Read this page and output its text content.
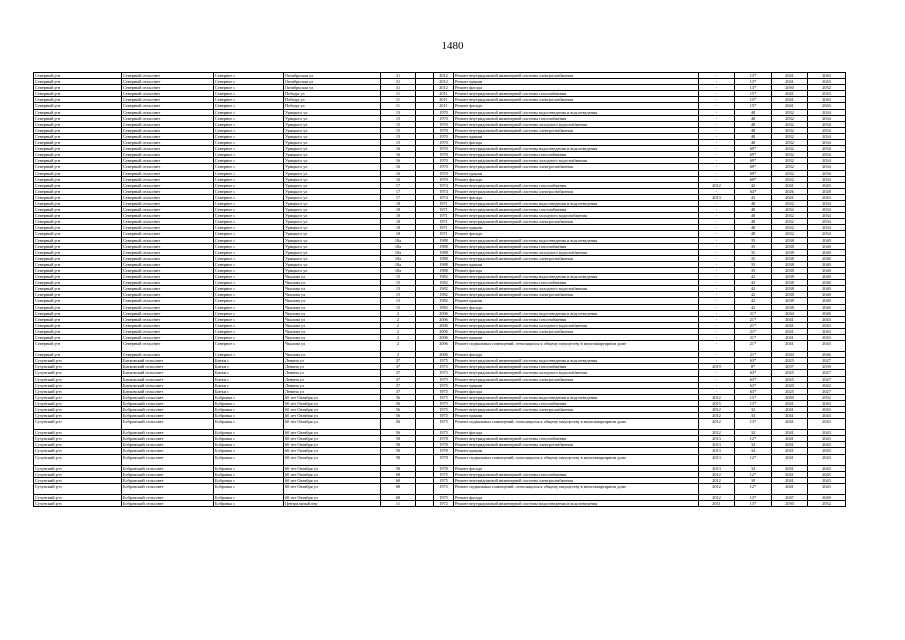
1480
Северный р-н	Северный сельсовет	Северное с	Октябрьская ул	31		2012	Ремонт внутридомовой инженерной системы электроснабжения	-	13*	2041	2043
Северный р-н	Северный сельсовет	Северное с	Октябрьская ул	31		2012	Ремонт крыши	-	13*	2041	2043
Северный р-н	Северный сельсовет	Северное с	Октябрьская ул	31		2012	Ремонт фасада	-	13*	2050	2052
Северный р-н	Северный сельсовет	Северное с	Победы ул	11		2011	Ремонт внутридомовой инженерной системы газоснабжения	-	15*	2041	2043
Северный р-н	Северный сельсовет	Северное с	Победы ул	11		2011	Ремонт внутридомовой инженерной системы электроснабжения	-	15*	2041	2043
Северный р-н	Северный сельсовет	Северное с	Победы ул	11		2011	Ремонт фасада	-	15*	2041	2043
Северный р-н	Северный сельсовет	Северное с	Урицкого ул	15		1970	Ремонт внутридомовой инженерной системы водоотведения и водоотведения	-	48	2032	2034
Северный р-н	Северный сельсовет	Северное с	Урицкого ул	15		1970	Ремонт внутридомовой инженерной системы газоснабжения	-	48	2032	2034
Северный р-н	Северный сельсовет	Северное с	Урицкого ул	15		1970	Ремонт внутридомовой инженерной системы холодного водоснабжения	-	48	2032	2034
Северный р-н	Северный сельсовет	Северное с	Урицкого ул	15		1970	Ремонт внутридомовой инженерной системы электроснабжения	-	48	2032	2034
Северный р-н	Северный сельсовет	Северное с	Урицкого ул	15		1970	Ремонт крыши	-	48	2032	2034
Северный р-н	Северный сельсовет	Северное с	Урицкого ул	15		1970	Ремонт фасада	-	48	2032	2034
Северный р-н	Северный сельсовет	Северное с	Урицкого ул	16		1970	Ремонт внутридомовой инженерной системы водоотведения и водоотведения	-	69*	2032	2034
Северный р-н	Северный сельсовет	Северное с	Урицкого ул	16		1970	Ремонт внутридомовой инженерной системы газоснабжения	-	69*	2032	2034
Северный р-н	Северный сельсовет	Северное с	Урицкого ул	16		1970	Ремонт внутридомовой инженерной системы холодного водоснабжения	-	69*	2032	2034
Северный р-н	Северный сельсовет	Северное с	Урицкого ул	16		1970	Ремонт внутридомовой инженерной системы электроснабжения	-	69*	2032	2034
Северный р-н	Северный сельсовет	Северное с	Урицкого ул	16		1970	Ремонт крыши	-	69*	2032	2034
Северный р-н	Северный сельсовет	Северное с	Урицкого ул	16		1970	Ремонт фасада	-	69*	2032	2034
Северный р-н	Северный сельсовет	Северное с	Урицкого ул	17		1974	Ремонт внутридомовой инженерной системы газоснабжения	2012	42	2041	2043
Северный р-н	Северный сельсовет	Северное с	Урицкого ул	17		1974	Ремонт внутридомовой инженерной системы электроснабжения	-	64*	2026	2028
Северный р-н	Северный сельсовет	Северное с	Урицкого ул	17		1974	Ремонт фасада	2013	43	2041	2043
Северный р-н	Северный сельсовет	Северное с	Урицкого ул	18		1971	Ремонт внутридомовой инженерной системы водоотведения и водоотведения	-	48	2032	2034
Северный р-н	Северный сельсовет	Северное с	Урицкого ул	18		1971	Ремонт внутридомовой инженерной системы газоснабжения	-	48	2032	2034
Северный р-н	Северный сельсовет	Северное с	Урицкого ул	18		1971	Ремонт внутридомовой инженерной системы холодного водоснабжения	-	48	2032	2034
Северный р-н	Северный сельсовет	Северное с	Урицкого ул	18		1971	Ремонт внутридомовой инженерной системы электроснабжения	-	48	2032	2034
Северный р-н	Северный сельсовет	Северное с	Урицкого ул	18		1971	Ремонт крыши	-	48	2032	2034
Северный р-н	Северный сельсовет	Северное с	Урицкого ул	18		1971	Ремонт фасада	-	48	2032	2034
Северный р-н	Северный сельсовет	Северное с	Урицкого ул	18а		1988	Ремонт внутридомовой инженерной системы водоотведения и водоотведения	-	35	2038	2040
Северный р-н	Северный сельсовет	Северное с	Урицкого ул	18а		1988	Ремонт внутридомовой инженерной системы газоснабжения	-	35	2038	2040
Северный р-н	Северный сельсовет	Северное с	Урицкого ул	18а		1988	Ремонт внутридомовой инженерной системы холодного водоснабжения	-	35	2038	2040
Северный р-н	Северный сельсовет	Северное с	Урицкого ул	18а		1988	Ремонт внутридомовой инженерной системы электроснабжения	-	35	2038	2040
Северный р-н	Северный сельсовет	Северное с	Урицкого ул	18а		1988	Ремонт крыши	-	35	2038	2040
Северный р-н	Северный сельсовет	Северное с	Урицкого ул	18а		1988	Ремонт фасада	-	35	2038	2040
Северный р-н	Северный сельсовет	Северное с	Чкалова ул	15		1982	Ремонт внутридомовой инженерной системы водоотведения и водоотведения	-	42	2038	2040
Северный р-н	Северный сельсовет	Северное с	Чкалова ул	15		1982	Ремонт внутридомовой инженерной системы газоснабжения	-	42	2038	2040
Северный р-н	Северный сельсовет	Северное с	Чкалова ул	15		1982	Ремонт внутридомовой инженерной системы холодного водоснабжения	-	42	2038	2040
Северный р-н	Северный сельсовет	Северное с	Чкалова ул	15		1982	Ремонт внутридомовой инженерной системы электроснабжения	-	42	2038	2040
Северный р-н	Северный сельсовет	Северное с	Чкалова ул	15		1982	Ремонт крыши	-	42	2038	2040
Северный р-н	Северный сельсовет	Северное с	Чкалова ул	15		1982	Ремонт фасада	-	42	2038	2040
Северный р-н	Северный сельсовет	Северное с	Чкалова ул	2		2006	Ремонт внутридомовой инженерной системы водоотведения и водоотведения	-	21*	2044	2046
Северный р-н	Северный сельсовет	Северное с	Чкалова ул	2		2006	Ремонт внутридомовой инженерной системы газоснабжения	-	21*	2041	2043
Северный р-н	Северный сельсовет	Северное с	Чкалова ул	2		2006	Ремонт внутридомовой инженерной системы холодного водоснабжения	-	21*	2041	2043
Северный р-н	Северный сельсовет	Северное с	Чкалова ул	2		2006	Ремонт внутридомовой инженерной системы электроснабжения	-	21*	2041	2043
Северный р-н	Северный сельсовет	Северное с	Чкалова ул	2		2006	Ремонт крыши	-	21*	2041	2043
Северный р-н	Северный сельсовет	Северное с	Чкалова ул	2		2006	Ремонт подвальных помещений, относящихся к общему имуществу в многоквартирном доме	-	21*	2041	2043
Северный р-н	Северный сельсовет	Северное с	Чкалова ул	2		2006	Ремонт фасада	-	21*	2044	2046
Сузунский р-н	Битковский сельсовет	Битки с	Ленина ул	37		1975	Ремонт внутридомовой инженерной системы водоотведения и водоотведения	-	63*	2025	2027
Сузунский р-н	Битковский сельсовет	Битки с	Ленина ул	37		1975	Ремонт внутридомовой инженерной системы газоснабжения	2019	8*	2037	2039
Сузунский р-н	Битковский сельсовет	Битки с	Ленина ул	37		1975	Ремонт внутридомовой инженерной системы холодного водоснабжения	-	63*	2025	2027
Сузунский р-н	Битковский сельсовет	Битки с	Ленина ул	37		1975	Ремонт внутридомовой инженерной системы электроснабжения	-	63*	2025	2027
Сузунский р-н	Битковский сельсовет	Битки с	Ленина ул	37		1975	Ремонт крыши	-	63*	2020	2022
Сузунский р-н	Битковский сельсовет	Битки с	Ленина ул	37		1975	Ремонт фасада	-	63*	2025	2027
Сузунский р-н	Бобровский сельсовет	Бобровка с	60 лет Октября ул	56		1975	Ремонт внутридомовой инженерной системы водоотведения и водоотведения	2012	13*	2050	2052
Сузунский р-н	Бобровский сельсовет	Бобровка с	60 лет Октября ул	56		1975	Ремонт внутридомовой инженерной системы газоснабжения	2015	13*	2041	2043
Сузунский р-н	Бобровский сельсовет	Бобровка с	60 лет Октября ул	56		1975	Ремонт внутридомовой инженерной системы электроснабжения	2012	32	2041	2043
Сузунский р-н	Бобровский сельсовет	Бобровка с	60 лет Октября ул	56		1975	Ремонт крыши	2012	33	2041	2043
Сузунский р-н	Бобровский сельсовет	Бобровка с	60 лет Октября ул	56		1975	Ремонт подвальных помещений, относящихся к общему имуществу в многоквартирном доме	2012	13*	2041	2043
Сузунский р-н	Бобровский сельсовет	Бобровка с	60 лет Октября ул	56		1975	Ремонт фасада	2012	32	2041	2043
Сузунский р-н	Бобровский сельсовет	Бобровка с	60 лет Октября ул	58		1978	Ремонт внутридомовой инженерной системы газоснабжения	2013	12*	2041	2043
Сузунский р-н	Бобровский сельсовет	Бобровка с	60 лет Октября ул	58		1978	Ремонт внутридомовой инженерной системы электроснабжения	2013	34	2041	2043
Сузунский р-н	Бобровский сельсовет	Бобровка с	60 лет Октября ул	58		1978	Ремонт крыши	2013	34	2041	2043
Сузунский р-н	Бобровский сельсовет	Бобровка с	60 лет Октября ул	58		1978	Ремонт подвальных помещений, относящихся к общему имуществу в многоквартирном доме	2013	12*	2041	2043
Сузунский р-н	Бобровский сельсовет	Бобровка с	60 лет Октября ул	58		1978	Ремонт фасада	2013	34	2041	2043
Сузунский р-н	Бобровский сельсовет	Бобровка с	60 лет Октября ул	68		1975	Ремонт внутридомовой инженерной системы газоснабжения	2012	12*	2041	2043
Сузунский р-н	Бобровский сельсовет	Бобровка с	60 лет Октября ул	68		1975	Ремонт внутридомовой инженерной системы электроснабжения	2012	39	2041	2043
Сузунский р-н	Бобровский сельсовет	Бобровка с	60 лет Октября ул	68		1975	Ремонт подвальных помещений, относящихся к общему имуществу в многоквартирном доме	2012	12*	2041	2043
Сузунский р-н	Бобровский сельсовет	Бобровка с	60 лет Октября ул	68		1975	Ремонт фасада	2012	13*	2047	2049
Сузунский р-н	Бобровский сельсовет	Бобровка с	Центральный пер	11		1972	Ремонт внутридомовой инженерной системы водоотведения и водоотведения	2011	13*	2050	2052
